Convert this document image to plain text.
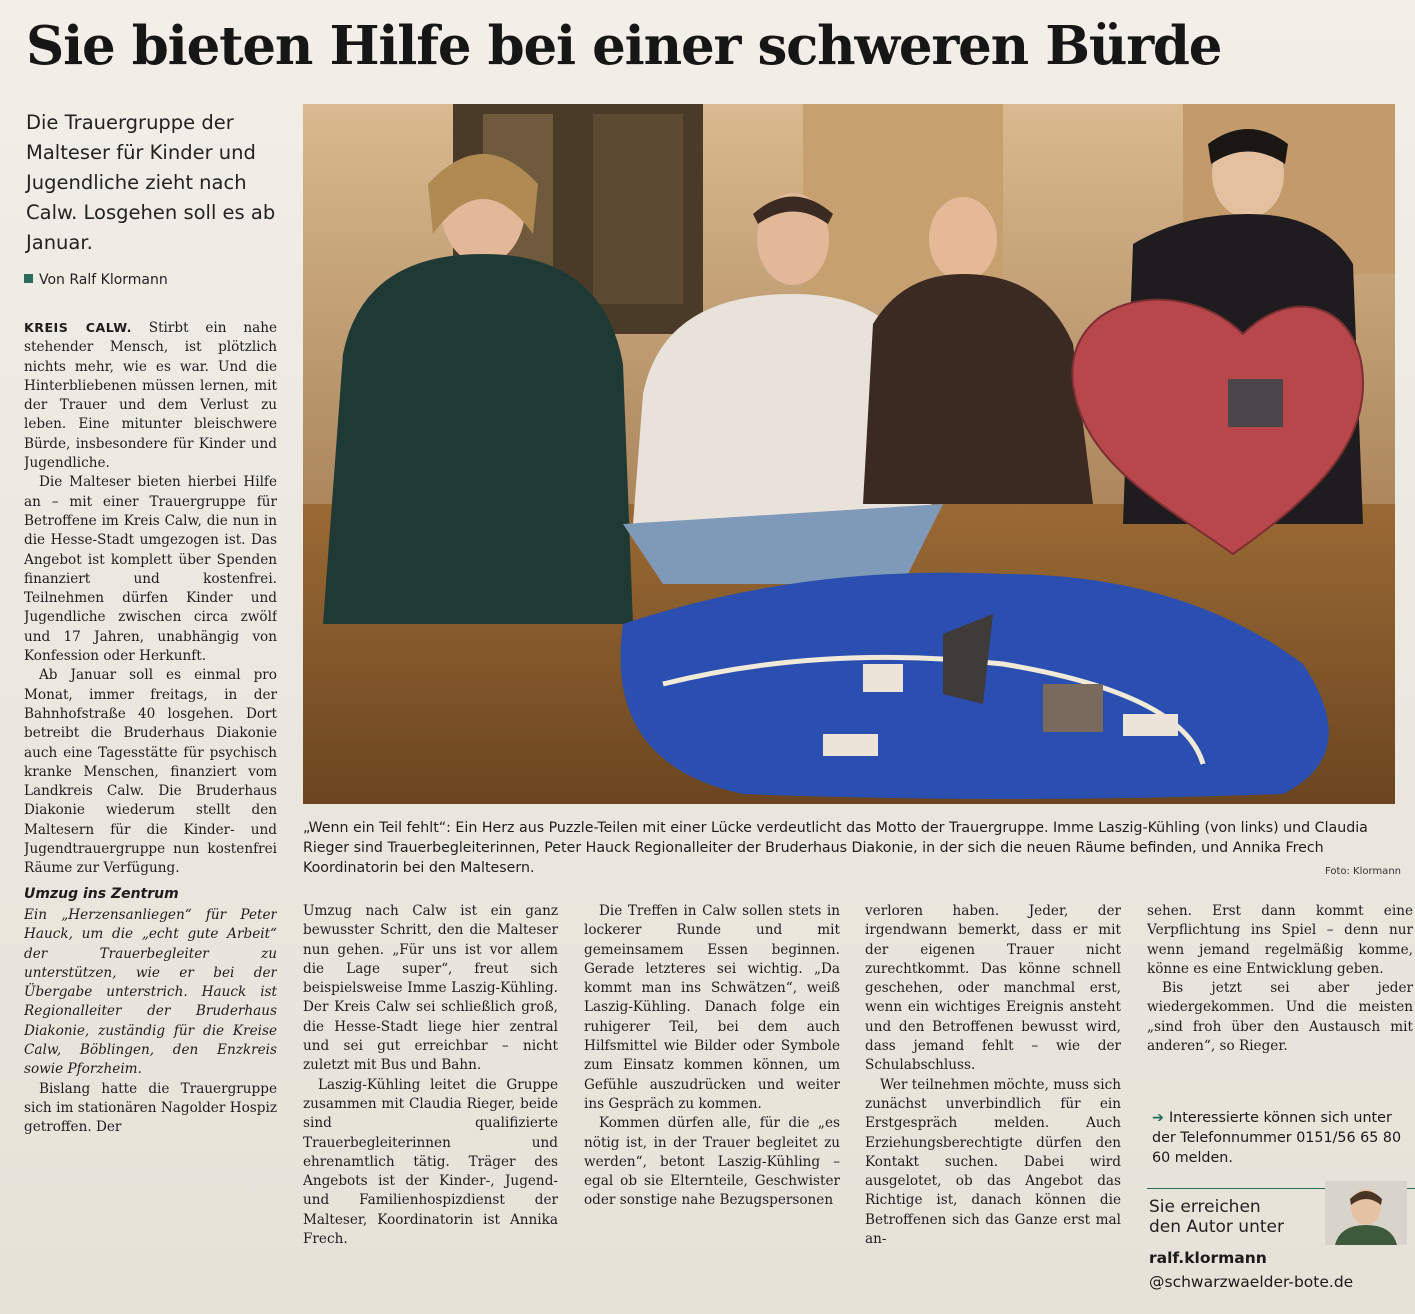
Sie bieten Hilfe bei einer schweren Bürde
Die Trauergruppe der Malteser für Kinder und Jugendliche zieht nach Calw. Losgehen soll es ab Januar.
Von Ralf Klormann
„Wenn ein Teil fehlt“: Ein Herz aus Puzzle-Teilen mit einer Lücke verdeutlicht das Motto der Trauergruppe. Imme Laszig-Kühling (von links) und Claudia Rieger sind Trauerbegleiterinnen, Peter Hauck Regionalleiter der Bruderhaus Diakonie, in der sich die neuen Räume befinden, und Annika Frech Koordinatorin bei den Maltesern.	Foto: Klormann

KREIS CALW. Stirbt ein nahe stehender Mensch, ist plötzlich nichts mehr, wie es war. Und die Hinterbliebenen müssen lernen, mit der Trauer und dem Verlust zu leben. Eine mitunter bleischwere Bürde, insbesondere für Kinder und Jugendliche.

Die Malteser bieten hierbei Hilfe an – mit einer Trauergruppe für Betroffene im Kreis Calw, die nun in die Hesse-Stadt umgezogen ist. Das Angebot ist komplett über Spenden finanziert und kostenfrei. Teilnehmen dürfen Kinder und Jugendliche zwischen circa zwölf und 17 Jahren, unabhängig von Konfession oder Herkunft.

Ab Januar soll es einmal pro Monat, immer freitags, in der Bahnhofstraße 40 losgehen. Dort betreibt die Bruderhaus Diakonie auch eine Tagesstätte für psychisch kranke Menschen, finanziert vom Landkreis Calw. Die Bruderhaus Diakonie wiederum stellt den Maltesern für die Kinder- und Jugendtrauergruppe nun kostenfrei Räume zur Verfügung.

Umzug ins Zentrum

Ein „Herzensanliegen“ für Peter Hauck, um die „echt gute Arbeit“ der Trauerbegleiter zu unterstützen, wie er bei der Übergabe unterstrich. Hauck ist Regionalleiter der Bruderhaus Diakonie, zuständig für die Kreise Calw, Böblingen, den Enzkreis sowie Pforzheim.

Bislang hatte die Trauergruppe sich im stationären Nagolder Hospiz getroffen. Der

Umzug nach Calw ist ein ganz bewusster Schritt, den die Malteser nun gehen. „Für uns ist vor allem die Lage super“, freut sich beispielsweise Imme Laszig-Kühling. Der Kreis Calw sei schließlich groß, die Hesse-Stadt liege hier zentral und sei gut erreichbar – nicht zuletzt mit Bus und Bahn.

Laszig-Kühling leitet die Gruppe zusammen mit Claudia Rieger, beide sind qualifizierte Trauerbegleiterinnen und ehrenamtlich tätig. Träger des Angebots ist der Kinder-, Jugend- und Familienhospizdienst der Malteser, Koordinatorin ist Annika Frech.

Die Treffen in Calw sollen stets in lockerer Runde und mit gemeinsamem Essen beginnen. Gerade letzteres sei wichtig. „Da kommt man ins Schwätzen“, weiß Laszig-Kühling. Danach folge ein ruhigerer Teil, bei dem auch Hilfsmittel wie Bilder oder Symbole zum Einsatz kommen können, um Gefühle auszudrücken und weiter ins Gespräch zu kommen.

Kommen dürfen alle, für die „es nötig ist, in der Trauer begleitet zu werden“, betont Laszig-Kühling – egal ob sie Elternteile, Geschwister oder sonstige nahe Bezugspersonen

verloren haben. Jeder, der irgendwann bemerkt, dass er mit der eigenen Trauer nicht zurechtkommt. Das könne schnell geschehen, oder manchmal erst, wenn ein wichtiges Ereignis ansteht und den Betroffenen bewusst wird, dass jemand fehlt – wie der Schulabschluss.

Wer teilnehmen möchte, muss sich zunächst unverbindlich für ein Erstgespräch melden. Auch Erziehungsberechtigte dürfen den Kontakt suchen. Dabei wird ausgelotet, ob das Angebot das Richtige ist, danach können die Betroffenen sich das Ganze erst mal an-

sehen. Erst dann kommt eine Verpflichtung ins Spiel – denn nur wenn jemand regelmäßig komme, könne es eine Entwicklung geben.

Bis jetzt sei aber jeder wiedergekommen. Und die meisten „sind froh über den Austausch mit anderen“, so Rieger.

➔ Interessierte können sich unter der Telefonnummer 0151/56 65 80 60 melden.
Sie erreichen
den Autor unter
ralf.klormann
@schwarzwaelder-bote.de
